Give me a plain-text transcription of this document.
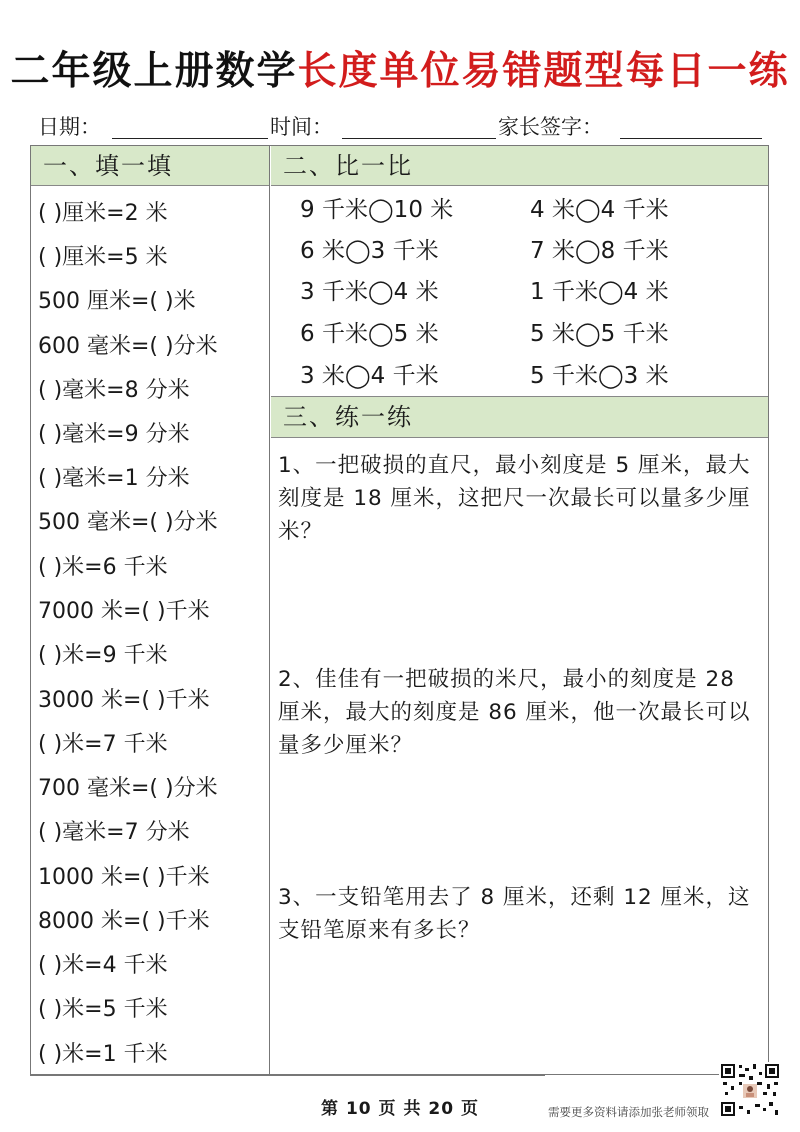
二年级上册数学长度单位易错题型每日一练
日期：	时间：	家长签字：
一、填一填	二、比一比
三、练一练
( )厘米=2 米
( )厘米=5 米
500 厘米=( )米
600 毫米=( )分米
( )毫米=8 分米
( )毫米=9 分米
( )毫米=1 分米
500 毫米=( )分米
( )米=6 千米
7000 米=( )千米
( )米=9 千米
3000 米=( )千米
( )米=7 千米
700 毫米=( )分米
( )毫米=7 分米
1000 米=( )千米
8000 米=( )千米
( )米=4 千米
( )米=5 千米
( )米=1 千米
9 千米◯10 米	4 米◯4 千米
6 米◯3 千米	7 米◯8 千米
3 千米◯4 米	1 千米◯4 米
6 千米◯5 米	5 米◯5 千米
3 米◯4 千米	5 千米◯3 米
1、一把破损的直尺，最小刻度是 5 厘米，最大刻度是 18 厘米，这把尺一次最长可以量多少厘米？
2、佳佳有一把破损的米尺，最小的刻度是 28 厘米，最大的刻度是 86 厘米，他一次最长可以量多少厘米？
3、一支铅笔用去了 8 厘米，还剩 12 厘米，这支铅笔原来有多长？
第 10 页 共 20 页	需要更多资料请添加张老师领取
